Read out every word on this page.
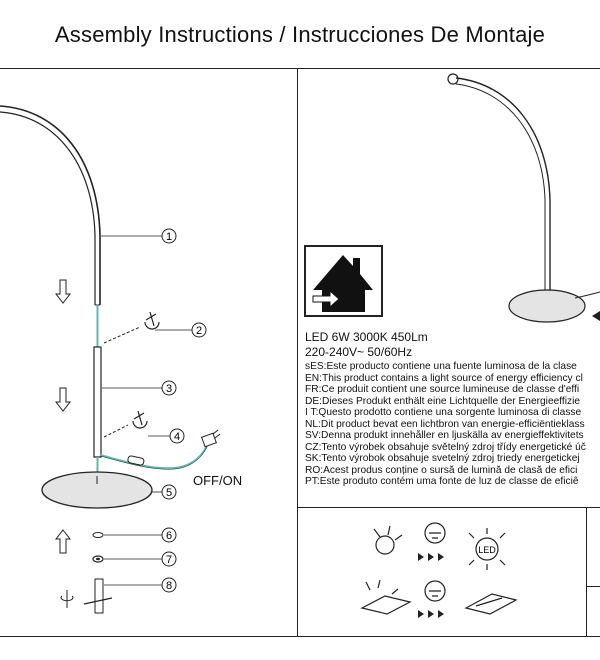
Assembly Instructions / Instrucciones De Montaje
1
2
3
4
5
6
7
8
LED
OFF/ON
LED 6W 3000K 450Lm
220-240V~ 50/60Hz
sES:Este producto contiene una fuente luminosa de la clase
EN:This product contains a light source of energy efficiency cl
FR:Ce produit contient une source lumineuse de classe d'effi
DE:Dieses Produkt enthält eine Lichtquelle der Energieeffizie
I T:Questo prodotto contiene una sorgente luminosa di classe
NL:Dit product bevat een lichtbron van energie-efficiëntieklass
SV:Denna produkt innehåller en ljuskälla av energieffektivitets
CZ:Tento výrobek obsahuje světelný zdroj třídy energetické úč
SK:Tento výrobok obsahuje svetelný zdroj triedy energetickej
RO:Acest produs conține o sursă de lumină de clasă de efici
PT:Este produto contém uma fonte de luz de classe de eficiê
